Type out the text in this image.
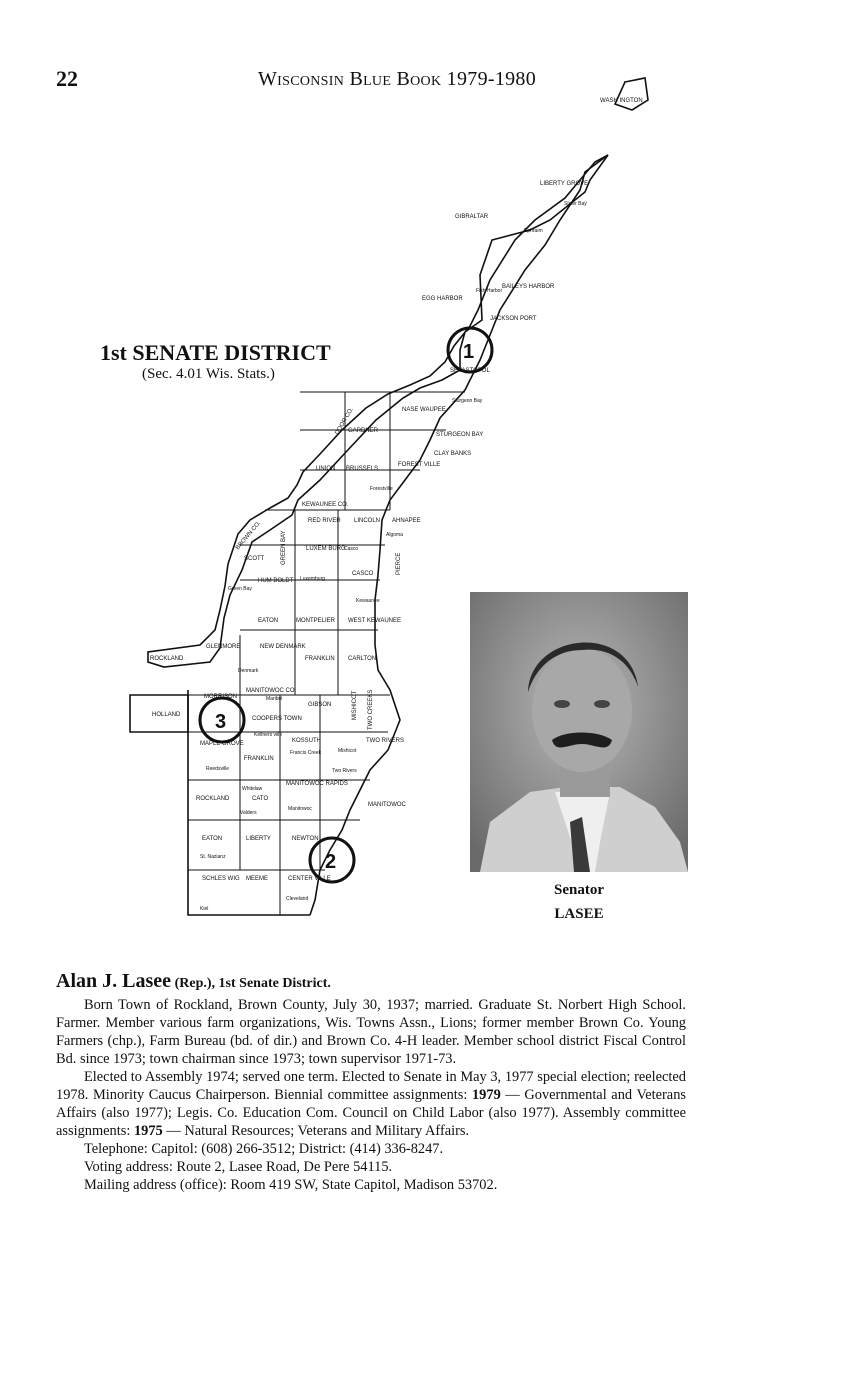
22	Wisconsin Blue Book 1979-1980
1
2
3
DOOR CO.
KEWAUNEE CO.
BROWN CO.
MANITOWOC CO.
WASH INGTON
LIBERTY GROVE
GIBRALTAR
EGG HARBOR
BAILEYS HARBOR
JACKSON PORT
SEVASTOPOL
NASE WAUPEE
GARDNER
STURGEON BAY
CLAY BANKS
UNION BRUSSELS
FOREST VILLE
RED RIVER LINCOLN AHNAPEE
SCOTT	GREEN BAY	LUXEM BURG
CASCO	PIERCE
HUM BOLDT
EATON	MONTPELIER WEST KEWAUNEE
GLENMORE	NEW DENMARK
FRANKLIN CARLTON
ROCKLAND
HOLLAND
MORRISON
COOPERS TOWN
GIBSON	MISHICOT TWO CREEKS
MAPLE GROVE
FRANKLIN
KOSSUTH	TWO RIVERS
ROCKLAND	CATO
MANITOWOC RAPIDS
MANITOWOC
EATON	LIBERTY	NEWTON
SCHLES WIG MEEME	CENTER VILLE
Sister Bay
Ephraim
Fish Harbor
Sturgeon Bay
Forestville
Algoma
Casco
Luxemburg
Green Bay
Kewaunee
Denmark
Maribel
Kellners ville
Mishicot
Francis Creek
Reedsville	Two Rivers
Whitelaw
Valders
Manitowoc
St. Nazianz
Cleveland
Kiel
1st SENATE DISTRICT
(Sec. 4.01 Wis. Stats.)
Senator
LASEE

Alan J. Lasee (Rep.), 1st Senate District.

Born Town of Rockland, Brown County, July 30, 1937; married. Graduate St. Norbert High School. Farmer. Member various farm organizations, Wis. Towns Assn., Lions; former member Brown Co. Young Farmers (chp.), Farm Bureau (bd. of dir.) and Brown Co. 4-H leader. Member school district Fiscal Control Bd. since 1973; town chairman since 1973; town supervisor 1971-73.

Elected to Assembly 1974; served one term. Elected to Senate in May 3, 1977 special election; reelected 1978. Minority Caucus Chairperson. Biennial committee assignments: 1979 — Governmental and Veterans Affairs (also 1977); Legis. Co. Education Com. Council on Child Labor (also 1977). Assembly committee assignments: 1975 — Natural Resources; Veterans and Military Affairs.

Telephone: Capitol: (608) 266-3512; District: (414) 336-8247.

Voting address: Route 2, Lasee Road, De Pere 54115.

Mailing address (office): Room 419 SW, State Capitol, Madison 53702.
